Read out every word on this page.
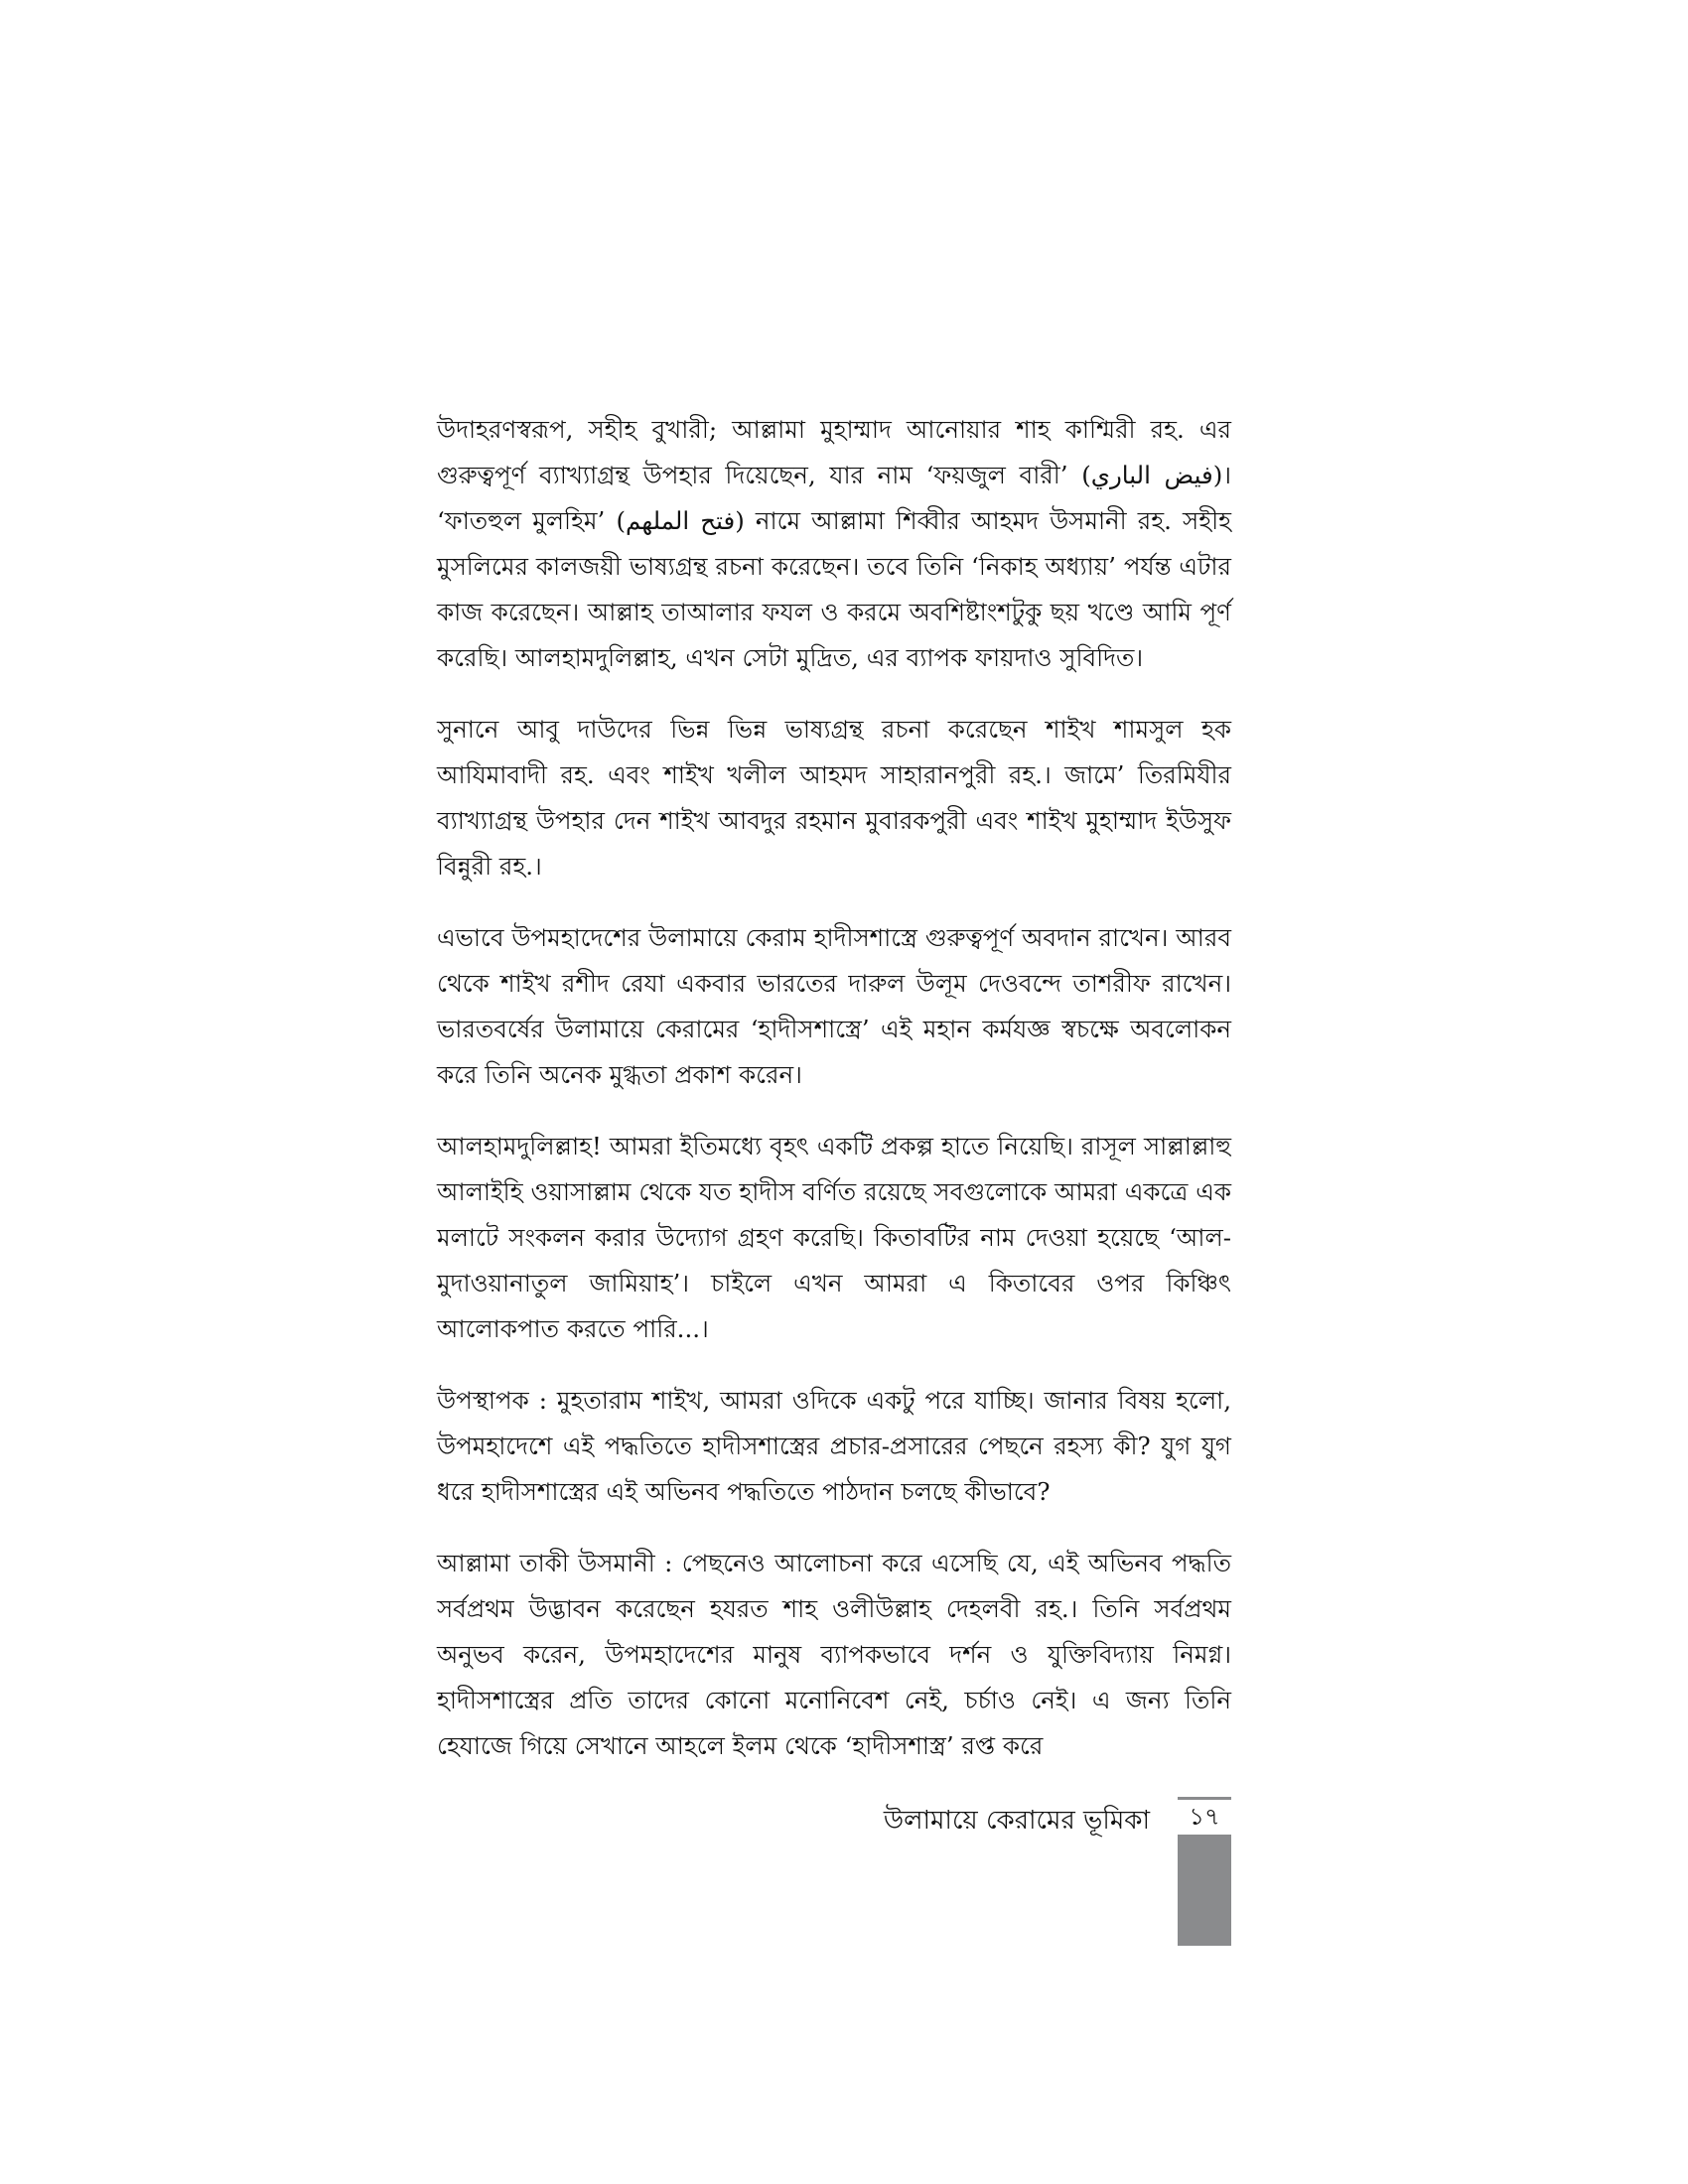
উদাহরণস্বরূপ, সহীহ বুখারী; আল্লামা মুহাম্মাদ আনোয়ার শাহ কাশ্মিরী রহ. এর গুরুত্বপূর্ণ ব্যাখ্যাগ্রন্থ উপহার দিয়েছেন, যার নাম ‘ফয়জুল বারী’ (فيض الباري)। ‘ফাতহুল মুলহিম’ (فتح الملهم) নামে আল্লামা শিব্বীর আহমদ উসমানী রহ. সহীহ মুসলিমের কালজয়ী ভাষ্যগ্রন্থ রচনা করেছেন। তবে তিনি ‘নিকাহ অধ্যায়’ পর্যন্ত এটার কাজ করেছেন। আল্লাহ তাআলার ফযল ও করমে অবশিষ্টাংশটুকু ছয় খণ্ডে আমি পূর্ণ করেছি। আলহামদুলিল্লাহ, এখন সেটা মুদ্রিত, এর ব্যাপক ফায়দাও সুবিদিত।

সুনানে আবু দাউদের ভিন্ন ভিন্ন ভাষ্যগ্রন্থ রচনা করেছেন শাইখ শামসুল হক আযিমাবাদী রহ. এবং শাইখ খলীল আহমদ সাহারানপুরী রহ.। জামে’ তিরমিযীর ব্যাখ্যাগ্রন্থ উপহার দেন শাইখ আবদুর রহমান মুবারকপুরী এবং শাইখ মুহাম্মাদ ইউসুফ বিন্নুরী রহ.।

এভাবে উপমহাদেশের উলামায়ে কেরাম হাদীসশাস্ত্রে গুরুত্বপূর্ণ অবদান রাখেন। আরব থেকে শাইখ রশীদ রেযা একবার ভারতের দারুল উলূম দেওবন্দে তাশরীফ রাখেন। ভারতবর্ষের উলামায়ে কেরামের ‘হাদীসশাস্ত্রে’ এই মহান কর্মযজ্ঞ স্বচক্ষে অবলোকন করে তিনি অনেক মুগ্ধতা প্রকাশ করেন।

আলহামদুলিল্লাহ! আমরা ইতিমধ্যে বৃহৎ একটি প্রকল্প হাতে নিয়েছি। রাসূল সাল্লাল্লাহু আলাইহি ওয়াসাল্লাম থেকে যত হাদীস বর্ণিত রয়েছে সবগুলোকে আমরা একত্রে এক মলাটে সংকলন করার উদ্যোগ গ্রহণ করেছি। কিতাবটির নাম দেওয়া হয়েছে ‘আল-মুদাওয়ানাতুল জামিয়াহ’। চাইলে এখন আমরা এ কিতাবের ওপর কিঞ্চিৎ আলোকপাত করতে পারি...।

উপস্থাপক : মুহতারাম শাইখ, আমরা ওদিকে একটু পরে যাচ্ছি। জানার বিষয় হলো, উপমহাদেশে এই পদ্ধতিতে হাদীসশাস্ত্রের প্রচার-প্রসারের পেছনে রহস্য কী? যুগ যুগ ধরে হাদীসশাস্ত্রের এই অভিনব পদ্ধতিতে পাঠদান চলছে কীভাবে?

আল্লামা তাকী উসমানী : পেছনেও আলোচনা করে এসেছি যে, এই অভিনব পদ্ধতি সর্বপ্রথম উদ্ভাবন করেছেন হযরত শাহ ওলীউল্লাহ দেহলবী রহ.। তিনি সর্বপ্রথম অনুভব করেন, উপমহাদেশের মানুষ ব্যাপকভাবে দর্শন ও যুক্তিবিদ্যায় নিমগ্ন। হাদীসশাস্ত্রের প্রতি তাদের কোনো মনোনিবেশ নেই, চর্চাও নেই। এ জন্য তিনি হেযাজে গিয়ে সেখানে আহলে ইলম থেকে ‘হাদীসশাস্ত্র’ রপ্ত করে

উলামায়ে কেরামের ভূমিকা	১৭
